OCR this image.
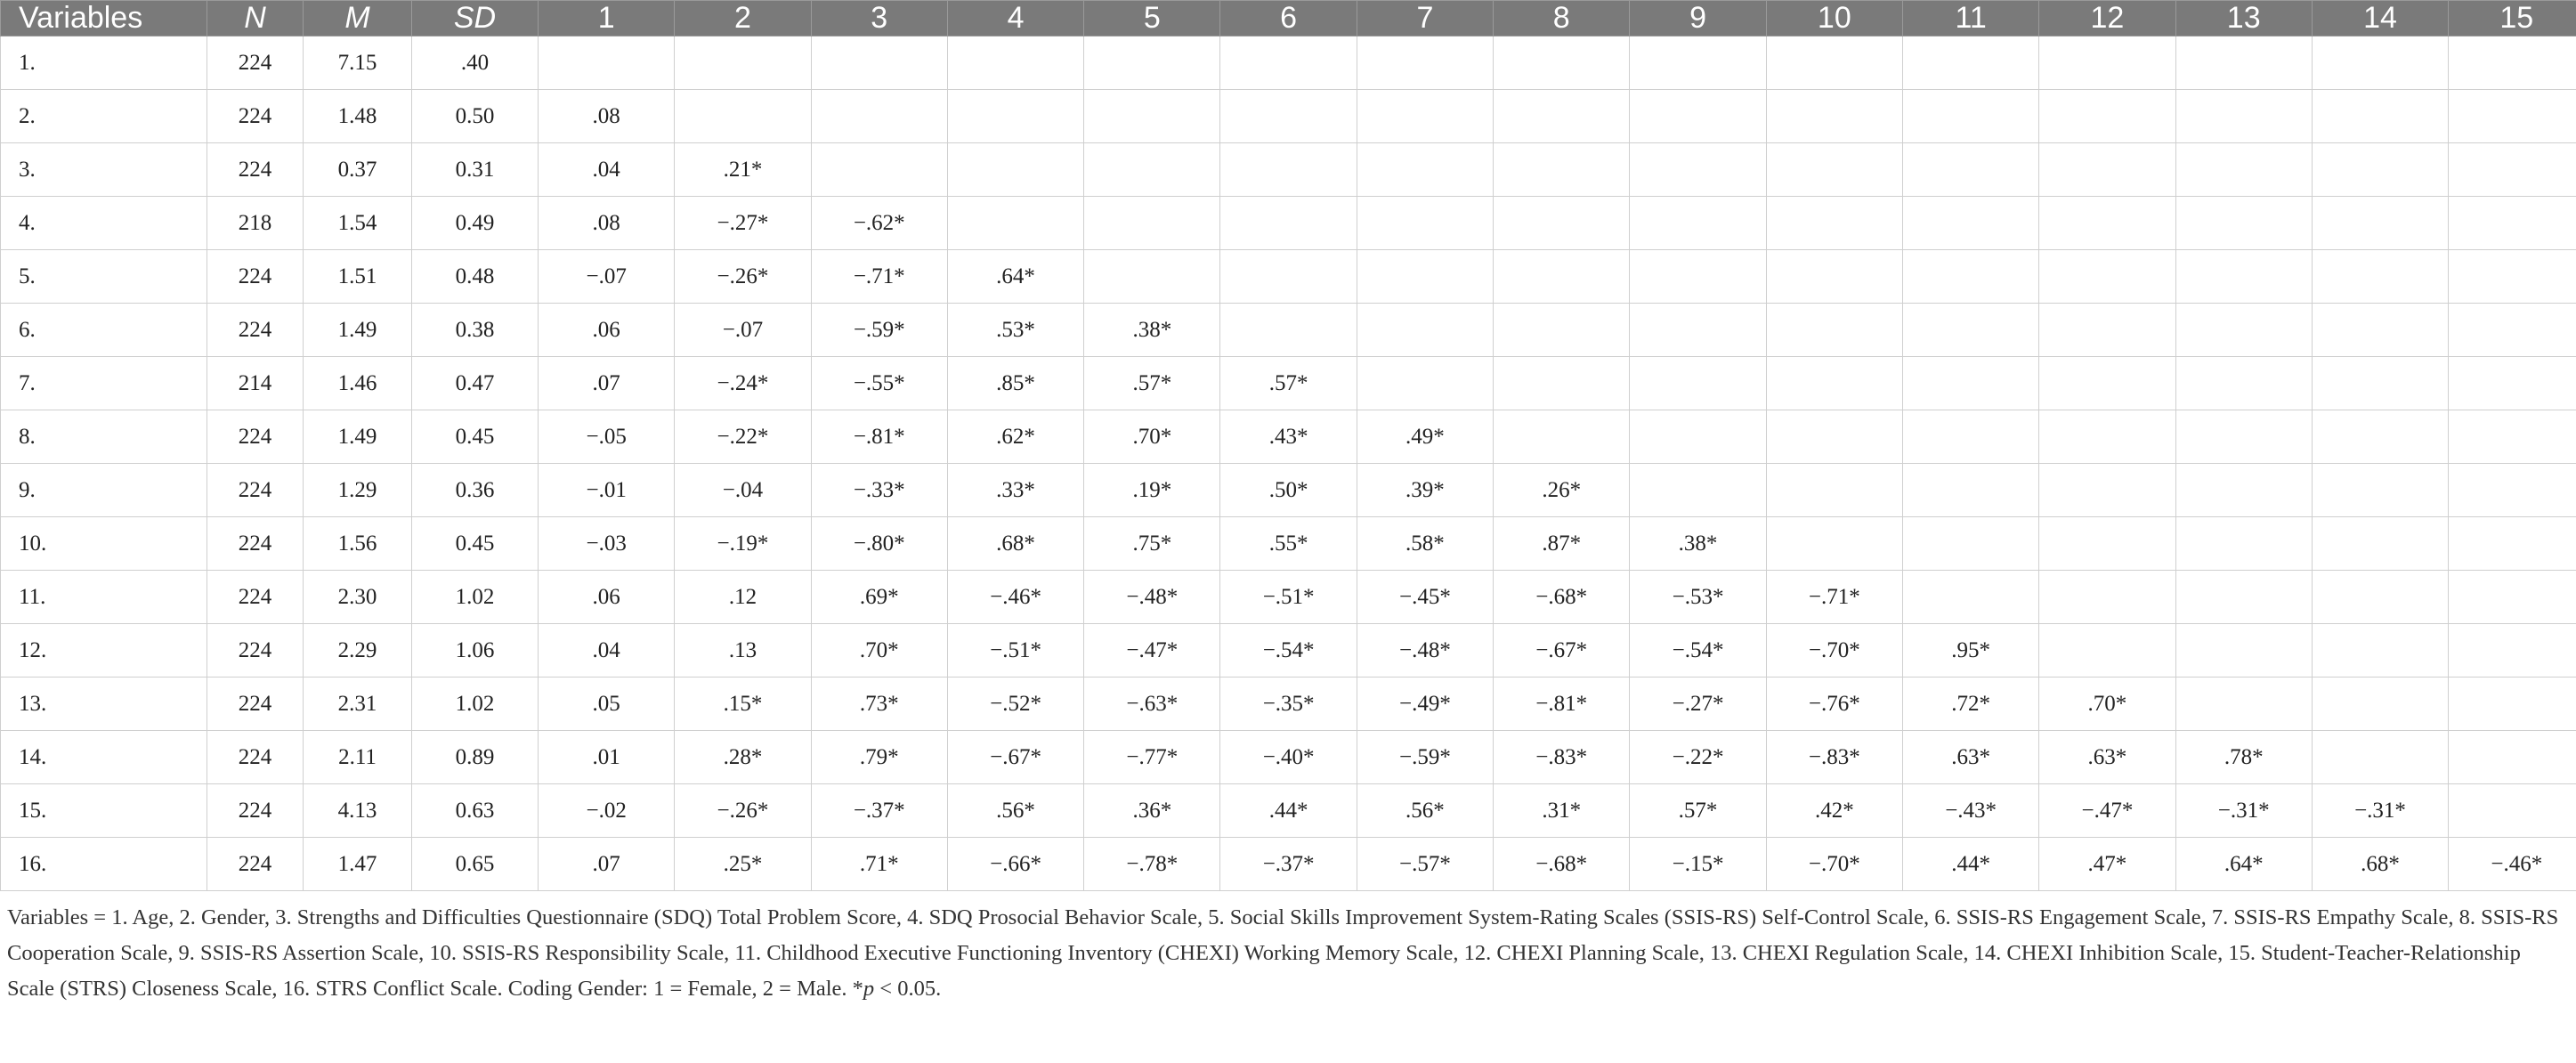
Variables	N	M	SD	1	2	3	4	5	6	7	8	9	10	11	12	13	14	15
1.	224	7.15	.40															
2.	224	1.48	0.50	.08														
3.	224	0.37	0.31	.04	.21*													
4.	218	1.54	0.49	.08	−.27*	−.62*												
5.	224	1.51	0.48	−.07	−.26*	−.71*	.64*											
6.	224	1.49	0.38	.06	−.07	−.59*	.53*	.38*										
7.	214	1.46	0.47	.07	−.24*	−.55*	.85*	.57*	.57*									
8.	224	1.49	0.45	−.05	−.22*	−.81*	.62*	.70*	.43*	.49*								
9.	224	1.29	0.36	−.01	−.04	−.33*	.33*	.19*	.50*	.39*	.26*							
10.	224	1.56	0.45	−.03	−.19*	−.80*	.68*	.75*	.55*	.58*	.87*	.38*						
11.	224	2.30	1.02	.06	.12	.69*	−.46*	−.48*	−.51*	−.45*	−.68*	−.53*	−.71*					
12.	224	2.29	1.06	.04	.13	.70*	−.51*	−.47*	−.54*	−.48*	−.67*	−.54*	−.70*	.95*				
13.	224	2.31	1.02	.05	.15*	.73*	−.52*	−.63*	−.35*	−.49*	−.81*	−.27*	−.76*	.72*	.70*			
14.	224	2.11	0.89	.01	.28*	.79*	−.67*	−.77*	−.40*	−.59*	−.83*	−.22*	−.83*	.63*	.63*	.78*		
15.	224	4.13	0.63	−.02	−.26*	−.37*	.56*	.36*	.44*	.56*	.31*	.57*	.42*	−.43*	−.47*	−.31*	−.31*	
16.	224	1.47	0.65	.07	.25*	.71*	−.66*	−.78*	−.37*	−.57*	−.68*	−.15*	−.70*	.44*	.47*	.64*	.68*	−.46*

Variables = 1. Age, 2. Gender, 3. Strengths and Difficulties Questionnaire (SDQ) Total Problem Score, 4. SDQ Prosocial Behavior Scale, 5. Social Skills Improvement System-Rating Scales (SSIS-RS) Self-Control Scale, 6. SSIS-RS Engagement Scale, 7. SSIS-RS Empathy Scale, 8. SSIS-RS Cooperation Scale, 9. SSIS-RS Assertion Scale, 10. SSIS-RS Responsibility Scale, 11. Childhood Executive Functioning Inventory (CHEXI) Working Memory Scale, 12. CHEXI Planning Scale, 13. CHEXI Regulation Scale, 14. CHEXI Inhibition Scale, 15. Student-Teacher-Relationship Scale (STRS) Closeness Scale, 16. STRS Conflict Scale. Coding Gender: 1 = Female, 2 = Male. *p < 0.05.
